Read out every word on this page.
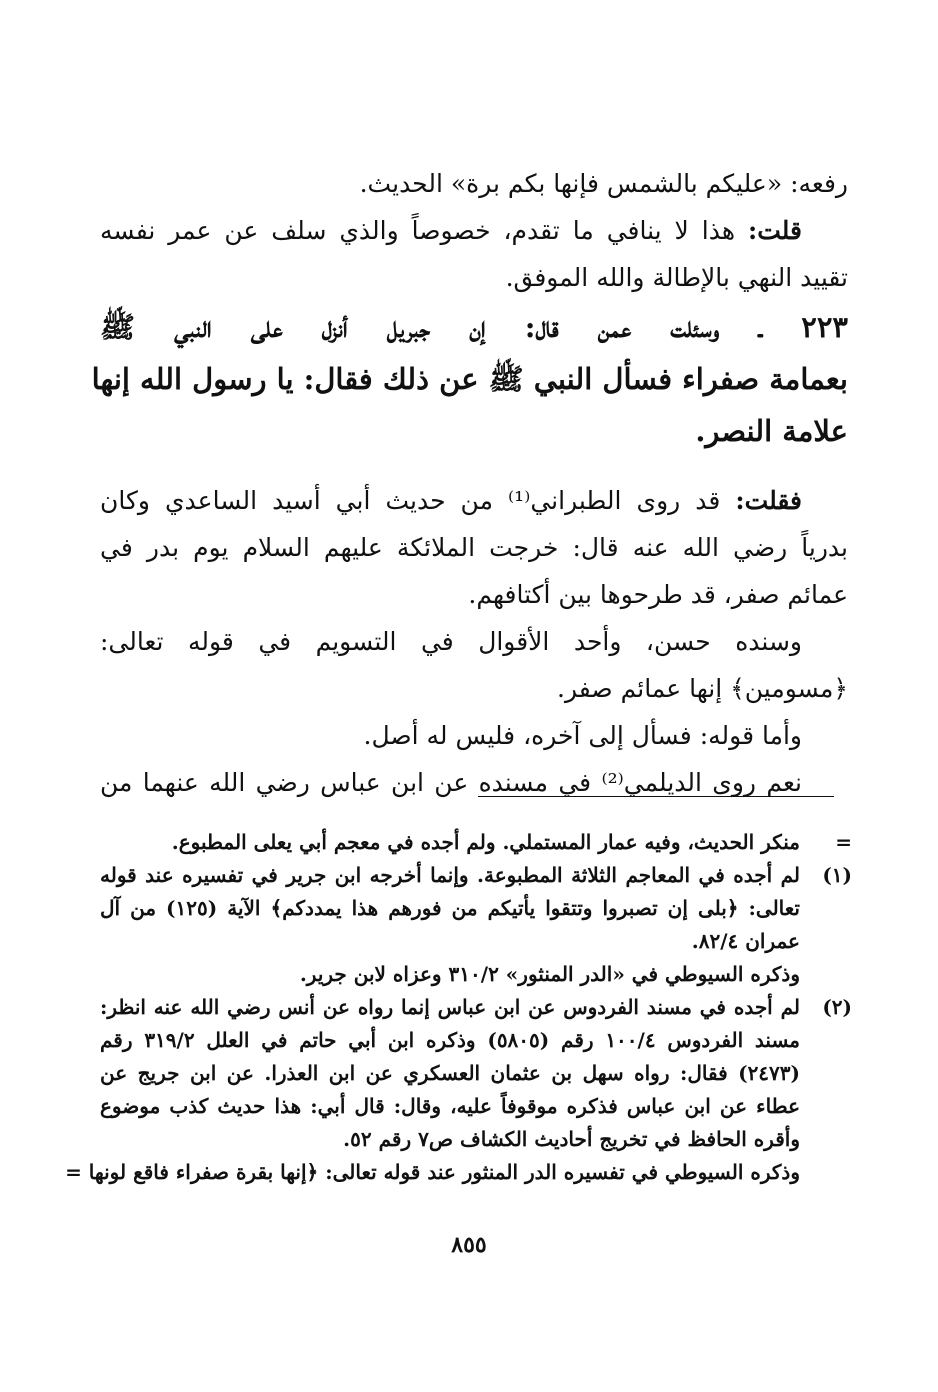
رفعه: «عليكم بالشمس فإنها بكم برة» الحديث.
قلت: هذا لا ينافي ما تقدم، خصوصاً والذي سلف عن عمر نفسه
تقييد النهي بالإطالة والله الموفق.
٢٢٣ ـ وسئلت عمن قال: إن جبريل أنزل على النبي ﷺ
بعمامة صفراء فسأل النبي ﷺ عن ذلك فقال: يا رسول الله إنها
علامة النصر.
فقلت: قد روى الطبراني⁽¹⁾ من حديث أبي أسيد الساعدي وكان
بدرياً رضي الله عنه قال: خرجت الملائكة عليهم السلام يوم بدر في
عمائم صفر، قد طرحوها بين أكتافهم.
وسنده حسن، وأحد الأقوال في التسويم في قوله تعالى:
﴿مسومين﴾ إنها عمائم صفر.
وأما قوله: فسأل إلى آخره، فليس له أصل.
نعم روى الديلمي⁽²⁾ في مسنده عن ابن عباس رضي الله عنهما من
=
منكر الحديث، وفيه عمار المستملي. ولم أجده في معجم أبي يعلى المطبوع.
(١)
لم أجده في المعاجم الثلاثة المطبوعة. وإنما أخرجه ابن جرير في تفسيره عند قوله
تعالى: ﴿بلى إن تصبروا وتتقوا يأتيكم من فورهم هذا يمددكم﴾ الآية (١٢٥) من آل
عمران ٨٢/٤.
وذكره السيوطي في «الدر المنثور» ٣١٠/٢ وعزاه لابن جرير.
(٢)
لم أجده في مسند الفردوس عن ابن عباس إنما رواه عن أنس رضي الله عنه انظر:
مسند الفردوس ١٠٠/٤ رقم (٥٨٠٥) وذكره ابن أبي حاتم في العلل ٣١٩/٢ رقم
(٢٤٧٣) فقال: رواه سهل بن عثمان العسكري عن ابن العذرا. عن ابن جريج عن
عطاء عن ابن عباس فذكره موقوفاً عليه، وقال: قال أبي: هذا حديث كذب موضوع
وأقره الحافظ في تخريج أحاديث الكشاف ص٧ رقم ٥٢.
وذكره السيوطي في تفسيره الدر المنثور عند قوله تعالى: ﴿إنها بقرة صفراء فاقع لونها =
٨٥٥
